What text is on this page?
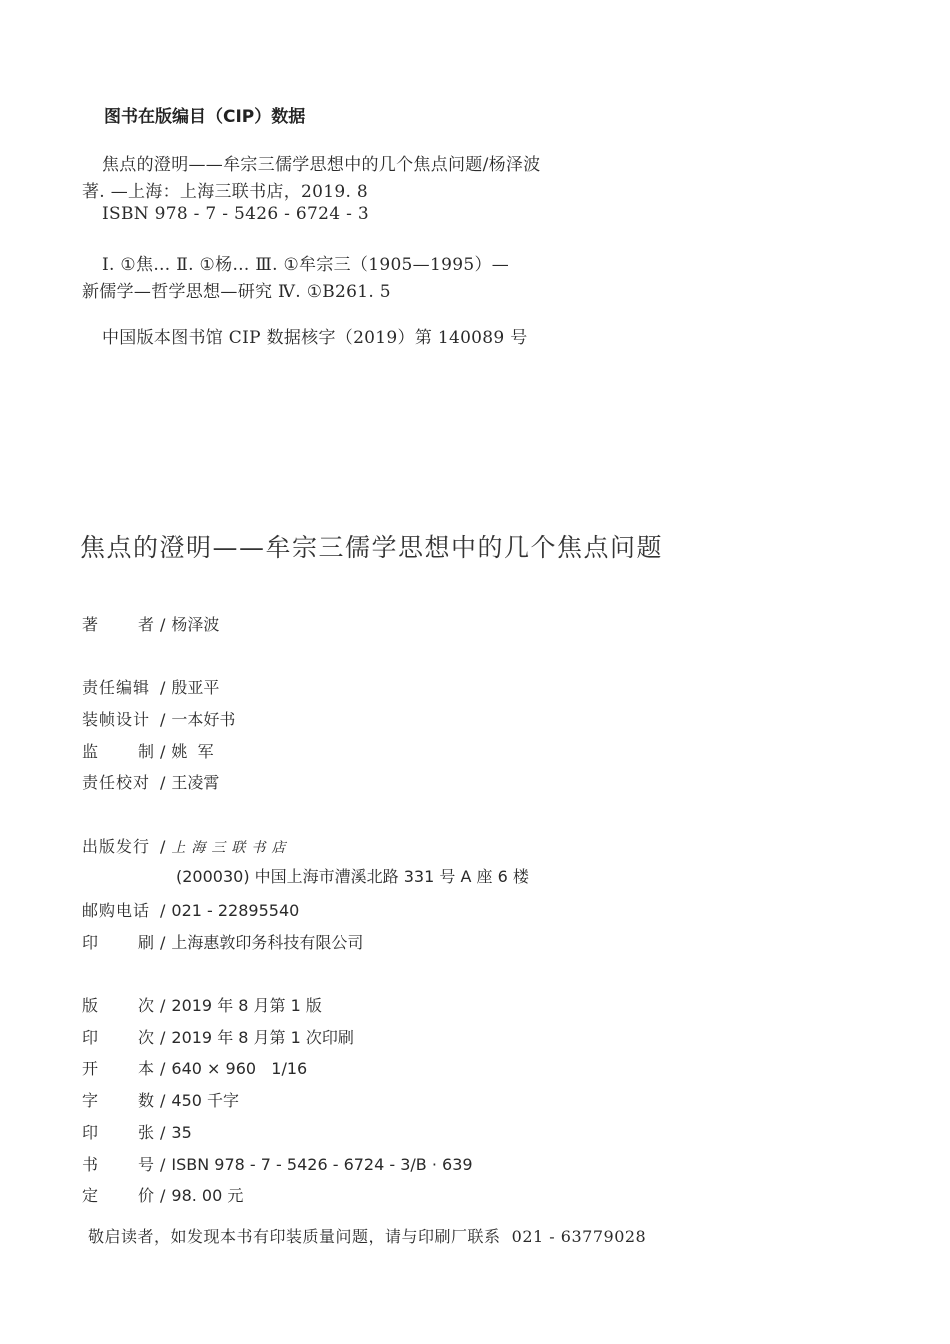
图书在版编目（CIP）数据
焦点的澄明——牟宗三儒学思想中的几个焦点问题/杨泽波
著. —上海：上海三联书店，2019. 8
ISBN 978 - 7 - 5426 - 6724 - 3
Ⅰ. ①焦… Ⅱ. ①杨… Ⅲ. ①牟宗三（1905—1995）—
新儒学—哲学思想—研究 Ⅳ. ①B261. 5
中国版本图书馆 CIP 数据核字（2019）第 140089 号
焦点的澄明——牟宗三儒学思想中的几个焦点问题
著 者 / 杨泽波
责任编辑 / 殷亚平
装帧设计 / 一本好书
监 制 / 姚  军
责任校对 / 王凌霄
出版发行 / 上海三联书店
(200030) 中国上海市漕溪北路 331 号 A 座 6 楼
邮购电话 / 021 - 22895540
印 刷 / 上海惠敦印务科技有限公司
版 次 / 2019 年 8 月第 1 版
印 次 / 2019 年 8 月第 1 次印刷
开 本 / 640 × 960   1/16
字 数 / 450 千字
印 张 / 35
书 号 / ISBN 978 - 7 - 5426 - 6724 - 3/B · 639
定 价 / 98. 00 元
敬启读者，如发现本书有印装质量问题，请与印刷厂联系  021 - 63779028
